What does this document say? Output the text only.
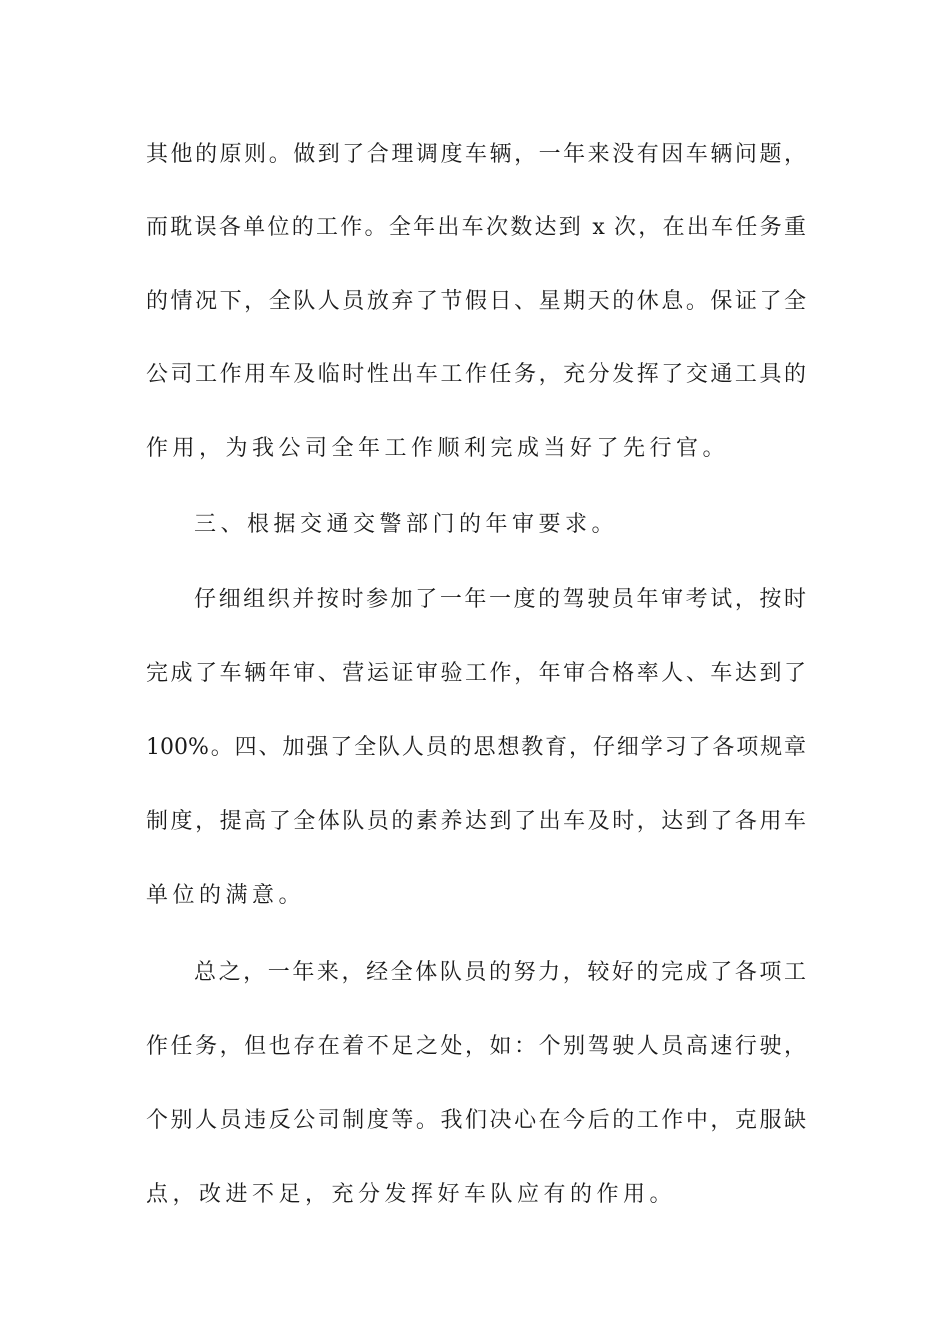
其他的原则。做到了合理调度车辆，一年来没有因车辆问题，
而耽误各单位的工作。全年出车次数达到 x 次，在出车任务重
的情况下，全队人员放弃了节假日、星期天的休息。保证了全
公司工作用车及临时性出车工作任务，充分发挥了交通工具的
作用，为我公司全年工作顺利完成当好了先行官。
三、根据交通交警部门的年审要求。
仔细组织并按时参加了一年一度的驾驶员年审考试，按时
完成了车辆年审、营运证审验工作，年审合格率人、车达到了
100%。四、加强了全队人员的思想教育，仔细学习了各项规章
制度，提高了全体队员的素养达到了出车及时，达到了各用车
单位的满意。
总之，一年来，经全体队员的努力，较好的完成了各项工
作任务，但也存在着不足之处，如：个别驾驶人员高速行驶，
个别人员违反公司制度等。我们决心在今后的工作中，克服缺
点，改进不足，充分发挥好车队应有的作用。
